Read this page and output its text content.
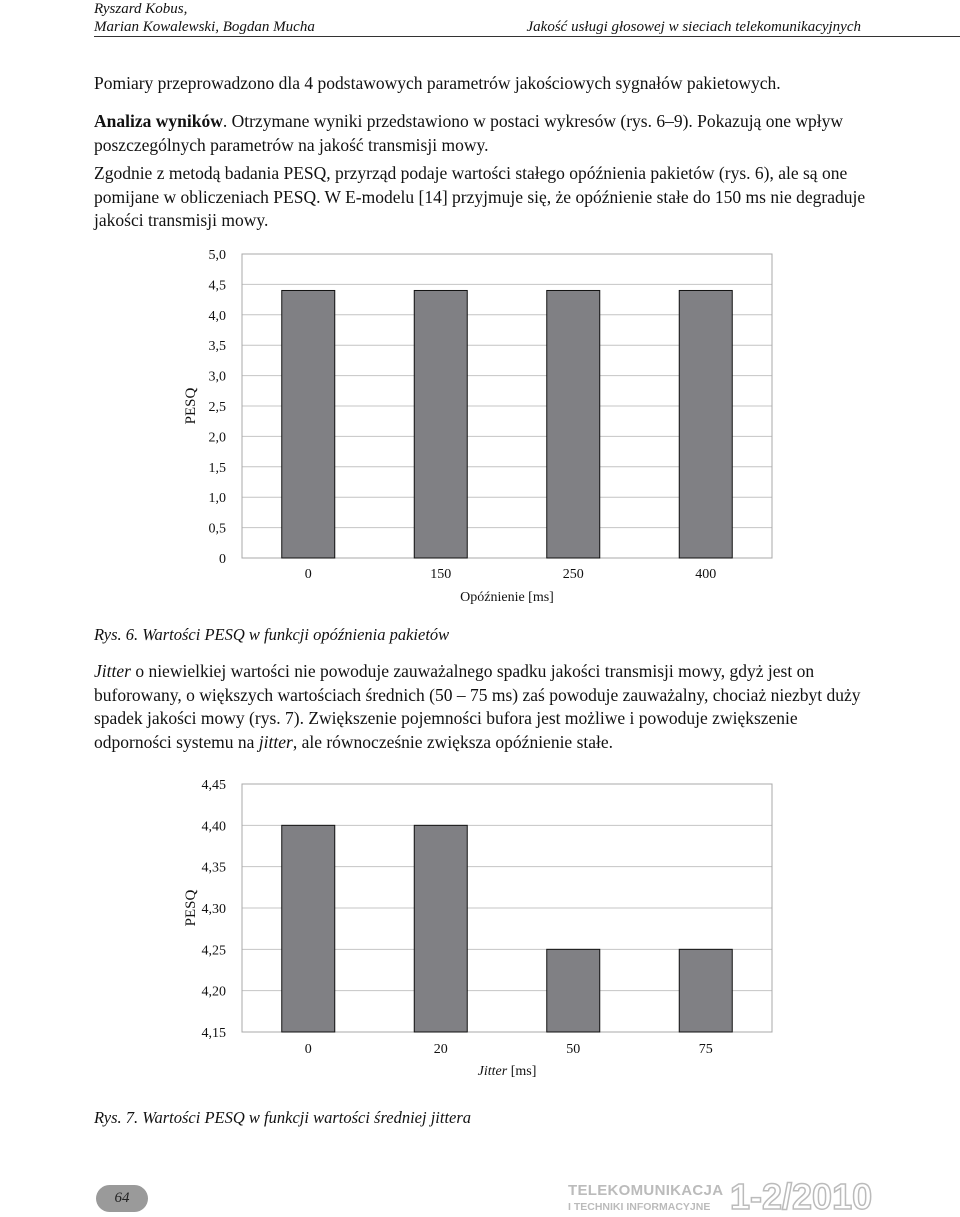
Ryszard Kobus,
Marian Kowalewski, Bogdan Mucha	Jakość usługi głosowej w sieciach telekomunikacyjnych
Pomiary przeprowadzono dla 4 podstawowych parametrów jakościowych sygnałów pakietowych.
Analiza wyników. Otrzymane wyniki przedstawiono w postaci wykresów (rys. 6–9). Pokazują one wpływ poszczególnych parametrów na jakość transmisji mowy.
Zgodnie z metodą badania PESQ, przyrząd podaje wartości stałego opóźnienia pakietów (rys. 6), ale są one pomijane w obliczeniach PESQ. W E-modelu [14] przyjmuje się, że opóźnienie stałe do 150 ms nie degraduje jakości transmisji mowy.
0
0,5
1,0
1,5
2,0
2,5
3,0
3,5
4,0
4,5
5,0
0	150	250	400
PESQ
Opóźnienie [ms]
Rys. 6. Wartości PESQ w funkcji opóźnienia pakietów
Jitter o niewielkiej wartości nie powoduje zauważalnego spadku jakości transmisji mowy, gdyż jest on buforowany, o większych wartościach średnich (50 – 75 ms) zaś powoduje zauważalny, chociaż niezbyt duży spadek jakości mowy (rys. 7). Zwiększenie pojemności bufora jest możliwe i powoduje zwiększenie odporności systemu na jitter, ale równocześnie zwiększa opóźnienie stałe.
4,15
4,20
4,25
4,30
4,35
4,40
4,45
0	20	50	75
PESQ
Jitter [ms]
Rys. 7. Wartości PESQ w funkcji wartości średniej jittera
64	TELEKOMUNIKACJA
I TECHNIKI INFORMACYJNE 1-2/2010
